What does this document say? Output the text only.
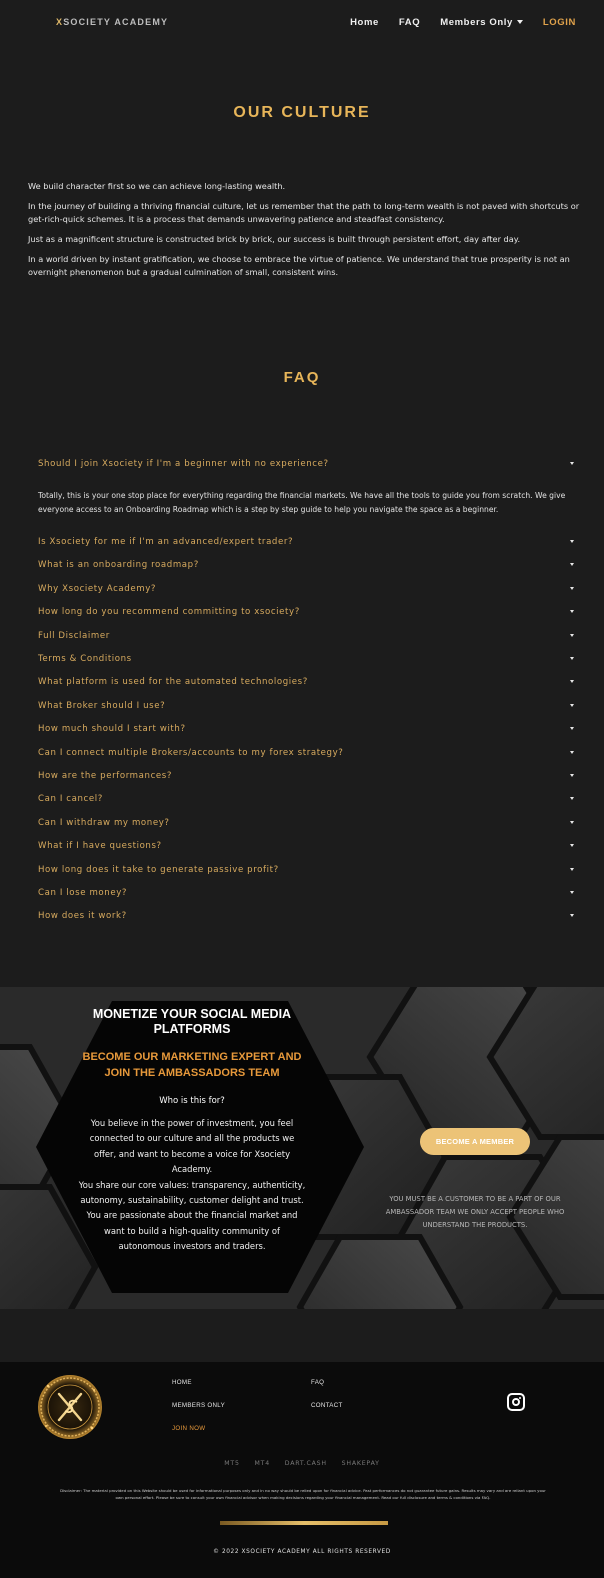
XSOCIETY ACADEMY	Home FAQ Members Only	LOGIN
OUR CULTURE

We build character first so we can achieve long-lasting wealth.

In the journey of building a thriving financial culture, let us remember that the path to long-term wealth is not paved with shortcuts or get-rich-quick schemes. It is a process that demands unwavering patience and steadfast consistency.

Just as a magnificent structure is constructed brick by brick, our success is built through persistent effort, day after day.

In a world driven by instant gratification, we choose to embrace the virtue of patience. We understand that true prosperity is not an overnight phenomenon but a gradual culmination of small, consistent wins.

FAQ
Should I join Xsociety if I'm a beginner with no experience?
Totally, this is your one stop place for everything regarding the financial markets. We have all the tools to guide you from scratch. We give everyone access to an Onboarding Roadmap which is a step by step guide to help you navigate the space as a beginner.
Is Xsociety for me if I'm an advanced/expert trader?
What is an onboarding roadmap?
Why Xsociety Academy?
How long do you recommend committing to xsociety?
Full Disclaimer
Terms & Conditions
What platform is used for the automated technologies?
What Broker should I use?
How much should I start with?
Can I connect multiple Brokers/accounts to my forex strategy?
How are the performances?
Can I cancel?
Can I withdraw my money?
What if I have questions?
How long does it take to generate passive profit?
Can I lose money?
How does it work?
MONETIZE YOUR SOCIAL MEDIA PLATFORMS
BECOME OUR MARKETING EXPERT AND JOIN THE AMBASSADORS TEAM
Who is this for?
You believe in the power of investment, you feel connected to our culture and all the products we offer, and want to become a voice for Xsociety Academy.
You share our core values: transparency, authenticity, autonomy, sustainability, customer delight and trust.
You are passionate about the financial market and want to build a high-quality community of autonomous investors and traders.
BECOME A MEMBER
YOU MUST BE A CUSTOMER TO BE A PART OF OUR AMBASSADOR TEAM WE ONLY ACCEPT PEOPLE WHO UNDERSTAND THE PRODUCTS.
HOME	FAQ
MEMBERS ONLY	CONTACT
JOIN NOW
MT5 MT4 DART.CASH SHAKEPAY
Disclaimer: The material provided on this Website should be used for informational purposes only and in no way should be relied upon for financial advice. Past performances do not guarantee future gains. Results may vary and are reliant upon your own personal effort. Please be sure to consult your own financial advisor when making decisions regarding your financial management. Read our full disclosure and terms & conditions via FAQ.
© 2022 XSOCIETY ACADEMY ALL RIGHTS RESERVED
